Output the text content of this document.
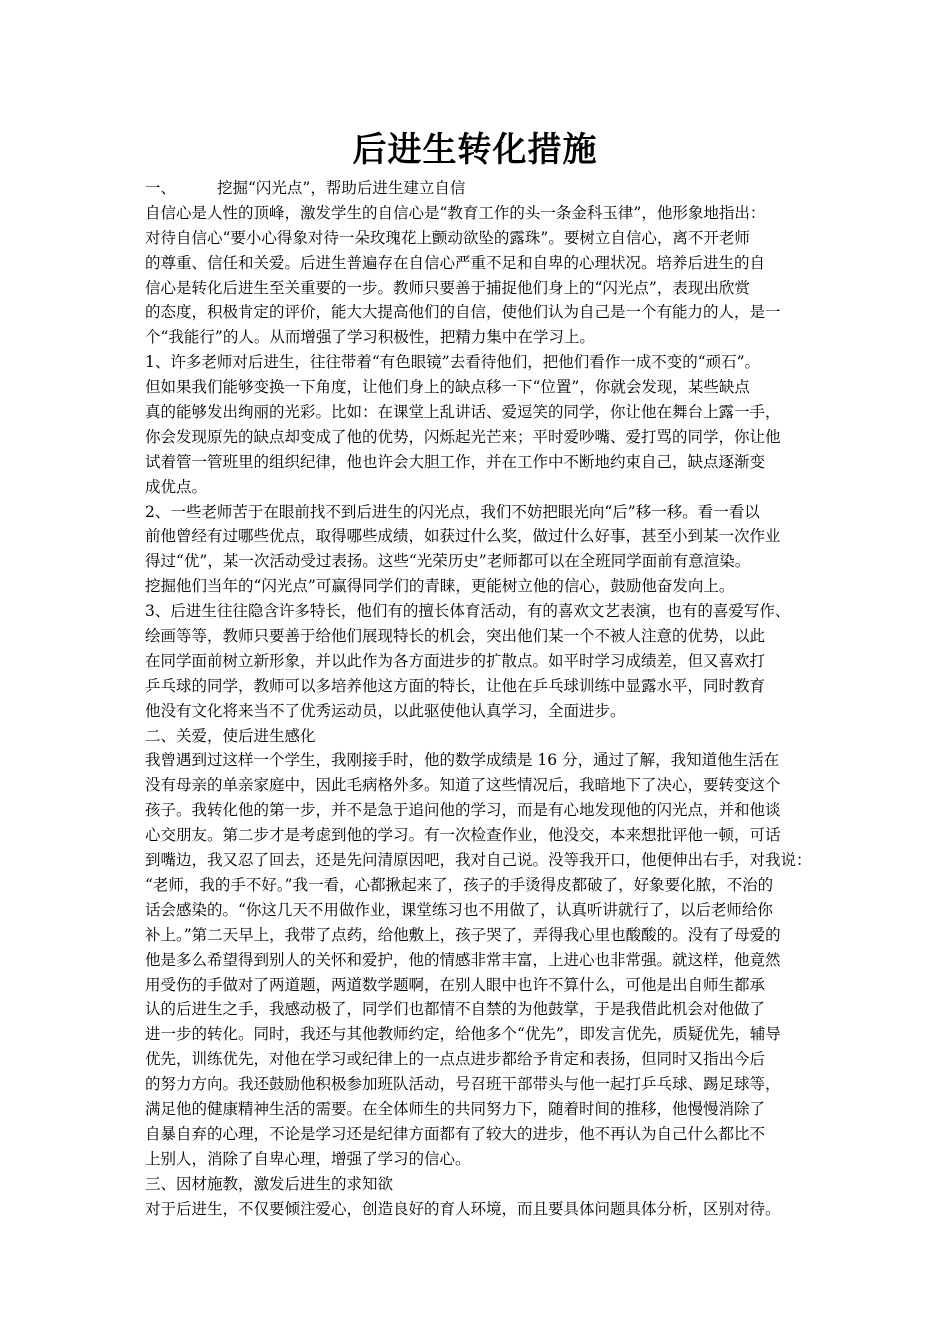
后进生转化措施
一、	挖掘“闪光点”，帮助后进生建立自信
自信心是人性的顶峰，激发学生的自信心是“教育工作的头一条金科玉律”，他形象地指出：
对待自信心“要小心得象对待一朵玫瑰花上颤动欲坠的露珠”。要树立自信心，离不开老师
的尊重、信任和关爱。后进生普遍存在自信心严重不足和自卑的心理状况。培养后进生的自
信心是转化后进生至关重要的一步。教师只要善于捕捉他们身上的“闪光点”，表现出欣赏
的态度，积极肯定的评价，能大大提高他们的自信，使他们认为自己是一个有能力的人，是一
个“我能行”的人。从而增强了学习积极性，把精力集中在学习上。
1、许多老师对后进生，往往带着“有色眼镜”去看待他们，把他们看作一成不变的“顽石”。
但如果我们能够变换一下角度，让他们身上的缺点移一下“位置”，你就会发现，某些缺点
真的能够发出绚丽的光彩。比如：在课堂上乱讲话、爱逗笑的同学，你让他在舞台上露一手，
你会发现原先的缺点却变成了他的优势，闪烁起光芒来；平时爱吵嘴、爱打骂的同学，你让他
试着管一管班里的组织纪律，他也许会大胆工作，并在工作中不断地约束自己，缺点逐渐变
成优点。
2、一些老师苦于在眼前找不到后进生的闪光点，我们不妨把眼光向“后”移一移。看一看以
前他曾经有过哪些优点，取得哪些成绩，如获过什么奖，做过什么好事，甚至小到某一次作业
得过“优”，某一次活动受过表扬。这些“光荣历史”老师都可以在全班同学面前有意渲染。
挖掘他们当年的“闪光点”可赢得同学们的青睐，更能树立他的信心，鼓励他奋发向上。
3、后进生往往隐含许多特长，他们有的擅长体育活动，有的喜欢文艺表演，也有的喜爱写作、
绘画等等，教师只要善于给他们展现特长的机会，突出他们某一个不被人注意的优势，以此
在同学面前树立新形象，并以此作为各方面进步的扩散点。如平时学习成绩差，但又喜欢打
乒乓球的同学，教师可以多培养他这方面的特长，让他在乒乓球训练中显露水平，同时教育
他没有文化将来当不了优秀运动员，以此驱使他认真学习，全面进步。
二、关爱，使后进生感化
我曾遇到过这样一个学生，我刚接手时，他的数学成绩是 16 分，通过了解，我知道他生活在
没有母亲的单亲家庭中，因此毛病格外多。知道了这些情况后，我暗地下了决心，要转变这个
孩子。我转化他的第一步，并不是急于追问他的学习，而是有心地发现他的闪光点，并和他谈
心交朋友。第二步才是考虑到他的学习。有一次检查作业，他没交，本来想批评他一顿，可话
到嘴边，我又忍了回去，还是先问清原因吧，我对自己说。没等我开口，他便伸出右手，对我说：
“老师，我的手不好。”我一看，心都揪起来了，孩子的手烫得皮都破了，好象要化脓，不治的
话会感染的。“你这几天不用做作业，课堂练习也不用做了，认真听讲就行了，以后老师给你
补上。”第二天早上，我带了点药，给他敷上，孩子哭了，弄得我心里也酸酸的。没有了母爱的
他是多么希望得到别人的关怀和爱护，他的情感非常丰富，上进心也非常强。就这样，他竟然
用受伤的手做对了两道题，两道数学题啊，在别人眼中也许不算什么，可他是出自师生都承
认的后进生之手，我感动极了，同学们也都情不自禁的为他鼓掌，于是我借此机会对他做了
进一步的转化。同时，我还与其他教师约定，给他多个“优先”，即发言优先，质疑优先，辅导
优先，训练优先，对他在学习或纪律上的一点点进步都给予肯定和表扬，但同时又指出今后
的努力方向。我还鼓励他积极参加班队活动，号召班干部带头与他一起打乒乓球、踢足球等，
满足他的健康精神生活的需要。在全体师生的共同努力下，随着时间的推移，他慢慢消除了
自暴自弃的心理，不论是学习还是纪律方面都有了较大的进步，他不再认为自己什么都比不
上别人，消除了自卑心理，增强了学习的信心。
三、因材施教，激发后进生的求知欲
对于后进生，不仅要倾注爱心，创造良好的育人环境，而且要具体问题具体分析，区别对待。
